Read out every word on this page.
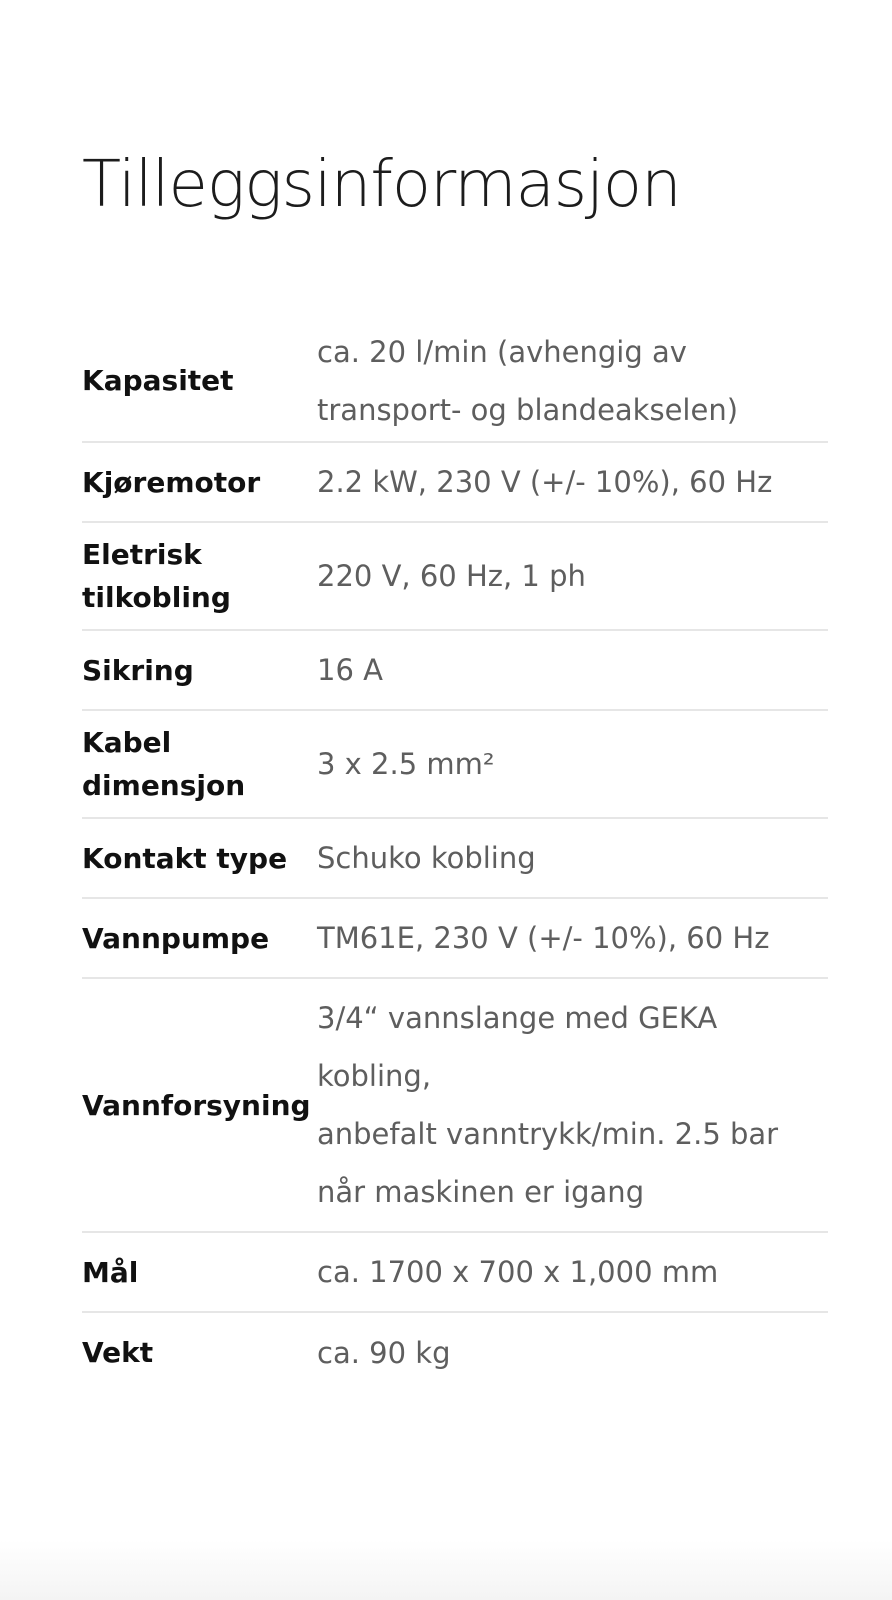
Tilleggsinformasjon
Kapasitet	ca. 20 l/min (avhengig av
transport- og blandeakselen)

Kjøremotor	2.2 kW, 230 V (+/- 10%), 60 Hz

Eletrisk tilkobling	220 V, 60 Hz, 1 ph

Sikring	16 A

Kabel dimensjon	3 x 2.5 mm²

Kontakt type	Schuko kobling

Vannpumpe	TM61E, 230 V (+/- 10%), 60 Hz

Vannforsyning	3/4“ vannslange med GEKA
kobling,
anbefalt vanntrykk/min. 2.5 bar
når maskinen er igang

Mål	ca. 1700 x 700 x 1,000 mm

Vekt	ca. 90 kg
